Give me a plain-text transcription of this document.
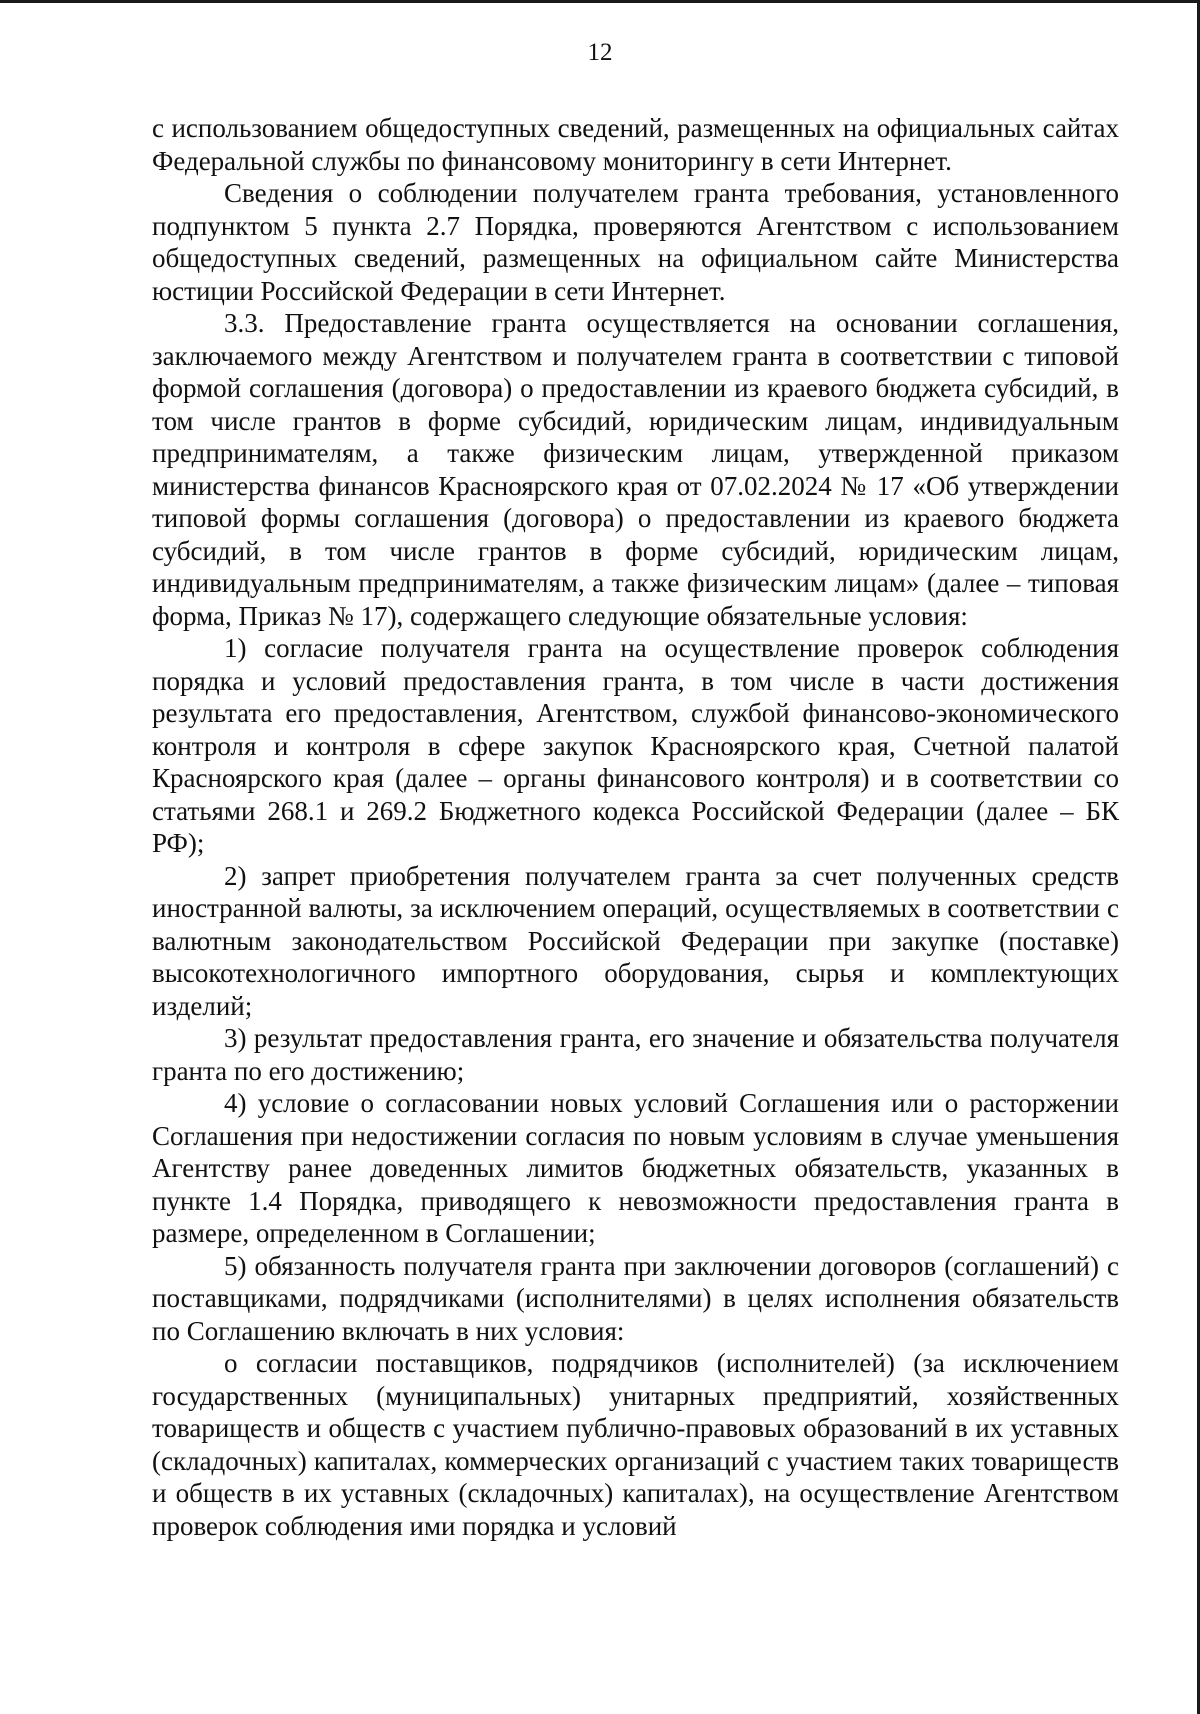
12

с использованием общедоступных сведений, размещенных на официальных сайтах Федеральной службы по финансовому мониторингу в сети Интернет.

Сведения о соблюдении получателем гранта требования, установленного подпунктом 5 пункта 2.7 Порядка, проверяются Агентством с использованием общедоступных сведений, размещенных на официальном сайте Министерства юстиции Российской Федерации в сети Интернет.

3.3. Предоставление гранта осуществляется на основании соглашения, заключаемого между Агентством и получателем гранта в соответствии с типовой формой соглашения (договора) о предоставлении из краевого бюджета субсидий, в том числе грантов в форме субсидий, юридическим лицам, индивидуальным предпринимателям, а также физическим лицам, утвержденной приказом министерства финансов Красноярского края от 07.02.2024 № 17 «Об утверждении типовой формы соглашения (договора) о предоставлении из краевого бюджета субсидий, в том числе грантов в форме субсидий, юридическим лицам, индивидуальным предпринимателям, а также физическим лицам» (далее – типовая форма, Приказ № 17), содержащего следующие обязательные условия:

1) согласие получателя гранта на осуществление проверок соблюдения порядка и условий предоставления гранта, в том числе в части достижения результата его предоставления, Агентством, службой финансово-экономического контроля и контроля в сфере закупок Красноярского края, Счетной палатой Красноярского края (далее – органы финансового контроля) и в соответствии со статьями 268.1 и 269.2 Бюджетного кодекса Российской Федерации (далее – БК РФ);

2) запрет приобретения получателем гранта за счет полученных средств иностранной валюты, за исключением операций, осуществляемых в соответствии с валютным законодательством Российской Федерации при закупке (поставке) высокотехнологичного импортного оборудования, сырья и комплектующих изделий;

3) результат предоставления гранта, его значение и обязательства получателя гранта по его достижению;

4) условие о согласовании новых условий Соглашения или о расторжении Соглашения при недостижении согласия по новым условиям в случае уменьшения Агентству ранее доведенных лимитов бюджетных обязательств, указанных в пункте 1.4 Порядка, приводящего к невозможности предоставления гранта в размере, определенном в Соглашении;

5) обязанность получателя гранта при заключении договоров (соглашений) с поставщиками, подрядчиками (исполнителями) в целях исполнения обязательств по Соглашению включать в них условия:

о согласии поставщиков, подрядчиков (исполнителей) (за исключением государственных (муниципальных) унитарных предприятий, хозяйственных товариществ и обществ с участием публично-правовых образований в их уставных (складочных) капиталах, коммерческих организаций с участием таких товариществ и обществ в их уставных (складочных) капиталах), на осуществление Агентством проверок соблюдения ими порядка и условий
